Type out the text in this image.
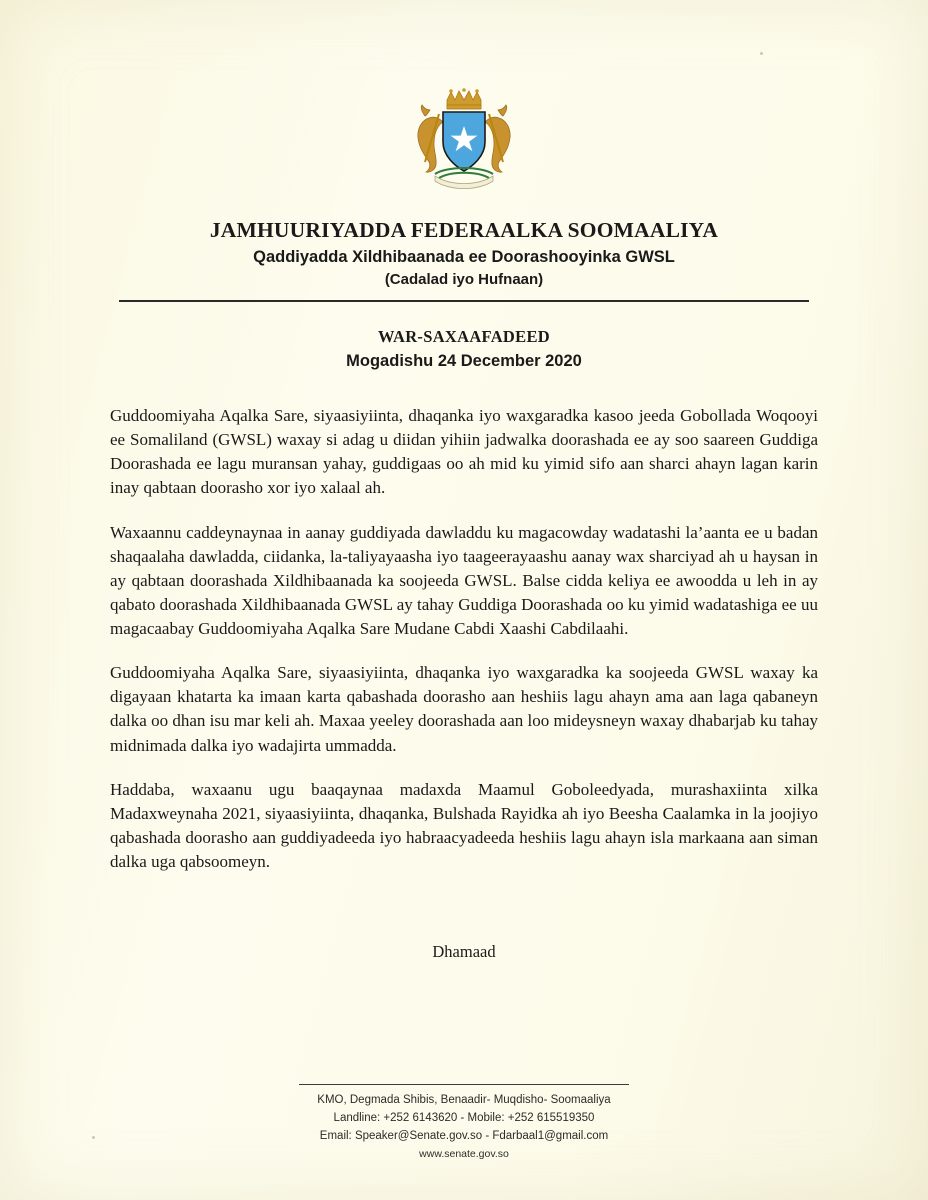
JAMHUURIYADDA FEDERAALKA SOOMAALIYA
Qaddiyadda Xildhibaanada ee Doorashooyinka GWSL
(Cadalad iyo Hufnaan)
WAR-SAXAAFADEED
Mogadishu 24 December 2020

Guddoomiyaha Aqalka Sare, siyaasiyiinta, dhaqanka iyo waxgaradka kasoo jeeda Gobollada Woqooyi ee Somaliland (GWSL) waxay si adag u diidan yihiin jadwalka doorashada ee ay soo saareen Guddiga Doorashada ee lagu muransan yahay, guddigaas oo ah mid ku yimid sifo aan sharci ahayn lagan karin inay qabtaan doorasho xor iyo xalaal ah.

Waxaannu caddeynaynaa in aanay guddiyada dawladdu ku magacowday wadatashi la’aanta ee u badan shaqaalaha dawladda, ciidanka, la-taliyayaasha iyo taageerayaashu aanay wax sharciyad ah u haysan in ay qabtaan doorashada Xildhibaanada ka soojeeda GWSL. Balse cidda keliya ee awoodda u leh in ay qabato doorashada Xildhibaanada GWSL ay tahay Guddiga Doorashada oo ku yimid wadatashiga ee uu magacaabay Guddoomiyaha Aqalka Sare Mudane Cabdi Xaashi Cabdilaahi.

Guddoomiyaha Aqalka Sare, siyaasiyiinta, dhaqanka iyo waxgaradka ka soojeeda GWSL waxay ka digayaan khatarta ka imaan karta qabashada doorasho aan heshiis lagu ahayn ama aan laga qabaneyn dalka oo dhan isu mar keli ah. Maxaa yeeley doorashada aan loo mideysneyn waxay dhabarjab ku tahay midnimada dalka iyo wadajirta ummadda.

Haddaba, waxaanu ugu baaqaynaa madaxda Maamul Goboleedyada, murashaxiinta xilka Madaxweynaha 2021, siyaasiyiinta, dhaqanka, Bulshada Rayidka ah iyo Beesha Caalamka in la joojiyo qabashada doorasho aan guddiyadeeda iyo habraacyadeeda heshiis lagu ahayn isla markaana aan siman dalka uga qabsoomeyn.

Dhamaad
KMO, Degmada Shibis, Benaadir- Muqdisho- Soomaaliya
Landline: +252 6143620 - Mobile: +252 615519350
Email: Speaker@Senate.gov.so - Fdarbaal1@gmail.com
www.senate.gov.so
